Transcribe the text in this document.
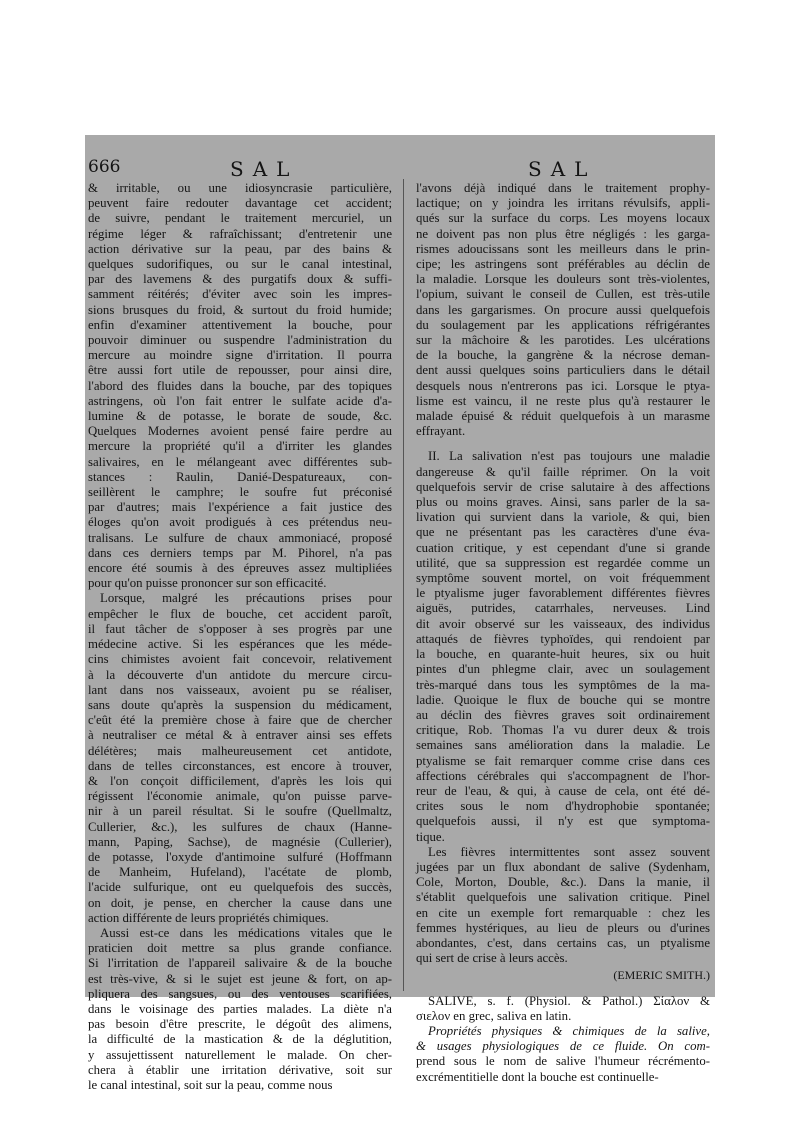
666	SAL	SAL
& irritable, ou une idiosyncrasie particulière,
peuvent faire redouter davantage cet accident;
de suivre, pendant le traitement mercuriel, un
régime léger & rafraîchissant; d'entretenir une
action dérivative sur la peau, par des bains &
quelques sudorifiques, ou sur le canal intestinal,
par des lavemens & des purgatifs doux & suffi-
samment réitérés; d'éviter avec soin les impres-
sions brusques du froid, & surtout du froid humide;
enfin d'examiner attentivement la bouche, pour
pouvoir diminuer ou suspendre l'administration du
mercure au moindre signe d'irritation. Il pourra
être aussi fort utile de repousser, pour ainsi dire,
l'abord des fluides dans la bouche, par des topiques
astringens, où l'on fait entrer le sulfate acide d'a-
lumine & de potasse, le borate de soude, &c.
Quelques Modernes avoient pensé faire perdre au
mercure la propriété qu'il a d'irriter les glandes
salivaires, en le mélangeant avec différentes sub-
stances : Raulin, Danié-Despatureaux, con-
seillèrent le camphre; le soufre fut préconisé
par d'autres; mais l'expérience a fait justice des
éloges qu'on avoit prodigués à ces prétendus neu-
tralisans. Le sulfure de chaux ammoniacé, proposé
dans ces derniers temps par M. Pihorel, n'a pas
encore été soumis à des épreuves assez multipliées
pour qu'on puisse prononcer sur son efficacité.
Lorsque, malgré les précautions prises pour
empêcher le flux de bouche, cet accident paroît,
il faut tâcher de s'opposer à ses progrès par une
médecine active. Si les espérances que les méde-
cins chimistes avoient fait concevoir, relativement
à la découverte d'un antidote du mercure circu-
lant dans nos vaisseaux, avoient pu se réaliser,
sans doute qu'après la suspension du médicament,
c'eût été la première chose à faire que de chercher
à neutraliser ce métal & à entraver ainsi ses effets
délétères; mais malheureusement cet antidote,
dans de telles circonstances, est encore à trouver,
& l'on conçoit difficilement, d'après les lois qui
régissent l'économie animale, qu'on puisse parve-
nir à un pareil résultat. Si le soufre (Quellmaltz,
Cullerier, &c.), les sulfures de chaux (Hanne-
mann, Paping, Sachse), de magnésie (Cullerier),
de potasse, l'oxyde d'antimoine sulfuré (Hoffmann
de Manheim, Hufeland), l'acétate de plomb,
l'acide sulfurique, ont eu quelquefois des succès,
on doit, je pense, en chercher la cause dans une
action différente de leurs propriétés chimiques.
Aussi est-ce dans les médications vitales que le
praticien doit mettre sa plus grande confiance.
Si l'irritation de l'appareil salivaire & de la bouche
est très-vive, & si le sujet est jeune & fort, on ap-
pliquera des sangsues, ou des ventouses scarifiées,
dans le voisinage des parties malades. La diète n'a
pas besoin d'être prescrite, le dégoût des alimens,
la difficulté de la mastication & de la déglutition,
y assujettissent naturellement le malade. On cher-
chera à établir une irritation dérivative, soit sur
le canal intestinal, soit sur la peau, comme nous
l'avons déjà indiqué dans le traitement prophy-
lactique; on y joindra les irritans révulsifs, appli-
qués sur la surface du corps. Les moyens locaux
ne doivent pas non plus être négligés : les garga-
rismes adoucissans sont les meilleurs dans le prin-
cipe; les astringens sont préférables au déclin de
la maladie. Lorsque les douleurs sont très-violentes,
l'opium, suivant le conseil de Cullen, est très-utile
dans les gargarismes. On procure aussi quelquefois
du soulagement par les applications réfrigérantes
sur la mâchoire & les parotides. Les ulcérations
de la bouche, la gangrène & la nécrose deman-
dent aussi quelques soins particuliers dans le détail
desquels nous n'entrerons pas ici. Lorsque le ptya-
lisme est vaincu, il ne reste plus qu'à restaurer le
malade épuisé & réduit quelquefois à un marasme
effrayant.
II. La salivation n'est pas toujours une maladie
dangereuse & qu'il faille réprimer. On la voit
quelquefois servir de crise salutaire à des affections
plus ou moins graves. Ainsi, sans parler de la sa-
livation qui survient dans la variole, & qui, bien
que ne présentant pas les caractères d'une éva-
cuation critique, y est cependant d'une si grande
utilité, que sa suppression est regardée comme un
symptôme souvent mortel, on voit fréquemment
le ptyalisme juger favorablement différentes fièvres
aiguës, putrides, catarrhales, nerveuses. Lind
dit avoir observé sur les vaisseaux, des individus
attaqués de fièvres typhoïdes, qui rendoient par
la bouche, en quarante-huit heures, six ou huit
pintes d'un phlegme clair, avec un soulagement
très-marqué dans tous les symptômes de la ma-
ladie. Quoique le flux de bouche qui se montre
au déclin des fièvres graves soit ordinairement
critique, Rob. Thomas l'a vu durer deux & trois
semaines sans amélioration dans la maladie. Le
ptyalisme se fait remarquer comme crise dans ces
affections cérébrales qui s'accompagnent de l'hor-
reur de l'eau, & qui, à cause de cela, ont été dé-
crites sous le nom d'hydrophobie spontanée;
quelquefois aussi, il n'y est que symptoma-
tique.
Les fièvres intermittentes sont assez souvent
jugées par un flux abondant de salive (Sydenham,
Cole, Morton, Double, &c.). Dans la manie, il
s'établit quelquefois une salivation critique. Pinel
en cite un exemple fort remarquable : chez les
femmes hystériques, au lieu de pleurs ou d'urines
abondantes, c'est, dans certains cas, un ptyalisme
qui sert de crise à leurs accès.
(EMERIC SMITH.)
SALIVE, s. f. (Physiol. & Pathol.) Σίαλον &
σιελον en grec, saliva en latin.
Propriétés physiques & chimiques de la salive,
& usages physiologiques de ce fluide. On com-
prend sous le nom de salive l'humeur récrémento-
excrémentitielle dont la bouche est continuelle-
